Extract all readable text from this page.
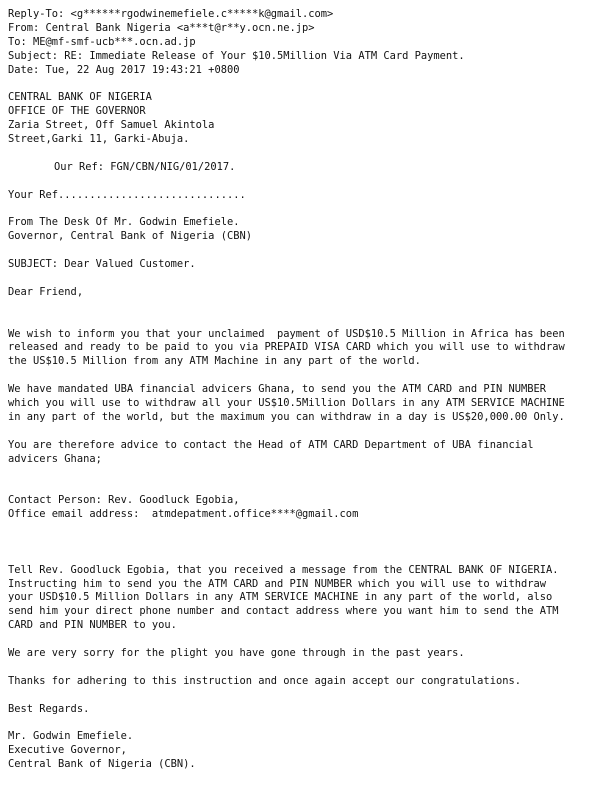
Reply-To: <g******rgodwinemefiele.c*****k@gmail.com>
From: Central Bank Nigeria <a***t@r**y.ocn.ne.jp>
To: ME@mf-smf-ucb***.ocn.ad.jp
Subject: RE: Immediate Release of Your $10.5Million Via ATM Card Payment.
Date: Tue, 22 Aug 2017 19:43:21 +0800
CENTRAL BANK OF NIGERIA
OFFICE OF THE GOVERNOR
Zaria Street, Off Samuel Akintola
Street,Garki 11, Garki-Abuja.
Our Ref: FGN/CBN/NIG/01/2017.
Your Ref..............................
From The Desk Of Mr. Godwin Emefiele.
Governor, Central Bank of Nigeria (CBN)
SUBJECT: Dear Valued Customer.
Dear Friend,
We wish to inform you that your unclaimed  payment of USD$10.5 Million in Africa has been
released and ready to be paid to you via PREPAID VISA CARD which you will use to withdraw
the US$10.5 Million from any ATM Machine in any part of the world.
We have mandated UBA financial advicers Ghana, to send you the ATM CARD and PIN NUMBER
which you will use to withdraw all your US$10.5Million Dollars in any ATM SERVICE MACHINE
in any part of the world, but the maximum you can withdraw in a day is US$20,000.00 Only.
You are therefore advice to contact the Head of ATM CARD Department of UBA financial
advicers Ghana;
Contact Person: Rev. Goodluck Egobia,
Office email address:  atmdepatment.office****@gmail.com
Tell Rev. Goodluck Egobia, that you received a message from the CENTRAL BANK OF NIGERIA.
Instructing him to send you the ATM CARD and PIN NUMBER which you will use to withdraw
your USD$10.5 Million Dollars in any ATM SERVICE MACHINE in any part of the world, also
send him your direct phone number and contact address where you want him to send the ATM
CARD and PIN NUMBER to you.
We are very sorry for the plight you have gone through in the past years.
Thanks for adhering to this instruction and once again accept our congratulations.
Best Regards.
Mr. Godwin Emefiele.
Executive Governor,
Central Bank of Nigeria (CBN).
